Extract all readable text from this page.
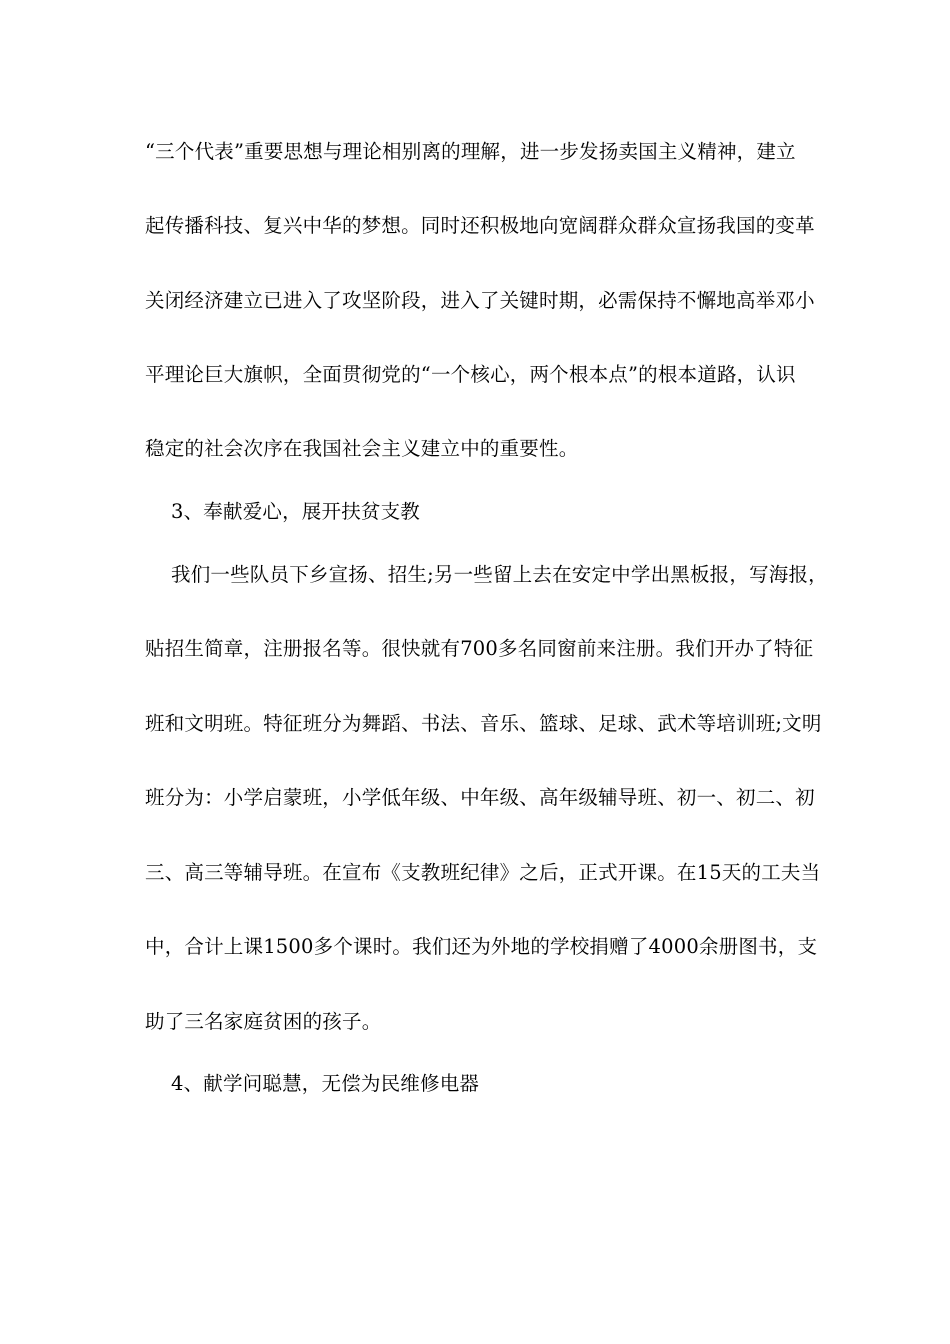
“三个代表”重要思想与理论相别离的理解，进一步发扬卖国主义精神，建立
起传播科技、复兴中华的梦想。同时还积极地向宽阔群众群众宣扬我国的变革
关闭经济建立已进入了攻坚阶段，进入了关键时期，必需保持不懈地高举邓小
平理论巨大旗帜，全面贯彻党的“一个核心，两个根本点”的根本道路，认识
稳定的社会次序在我国社会主义建立中的重要性。
3、奉献爱心，展开扶贫支教
我们一些队员下乡宣扬、招生;另一些留上去在安定中学出黑板报，写海报，
贴招生简章，注册报名等。很快就有700多名同窗前来注册。我们开办了特征
班和文明班。特征班分为舞蹈、书法、音乐、篮球、足球、武术等培训班;文明
班分为：小学启蒙班，小学低年级、中年级、高年级辅导班、初一、初二、初
三、高三等辅导班。在宣布《支教班纪律》之后，正式开课。在15天的工夫当
中，合计上课1500多个课时。我们还为外地的学校捐赠了4000余册图书，支
助了三名家庭贫困的孩子。
4、献学问聪慧，无偿为民维修电器
